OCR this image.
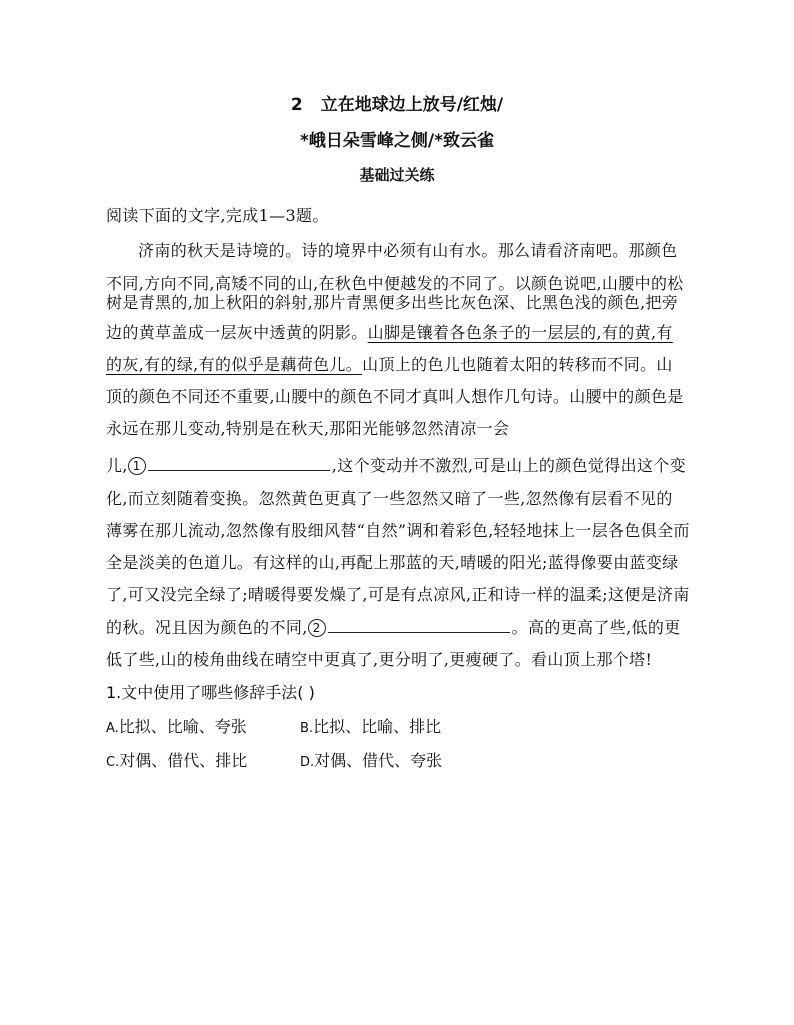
2 立在地球边上放号/红烛/
*峨日朵雪峰之侧/*致云雀
基础过关练
阅读下面的文字,完成1—3题。
济南的秋天是诗境的。诗的境界中必须有山有水。那么请看济南吧。那颜色
不同,方向不同,高矮不同的山,在秋色中便越发的不同了。以颜色说吧,山腰中的松
树是青黑的,加上秋阳的斜射,那片青黑便多出些比灰色深、比黑色浅的颜色,把旁
边的黄草盖成一层灰中透黄的阴影。山脚是镶着各色条子的一层层的,有的黄,有
的灰,有的绿,有的似乎是藕荷色儿。山顶上的色儿也随着太阳的转移而不同。山
顶的颜色不同还不重要,山腰中的颜色不同才真叫人想作几句诗。山腰中的颜色是
永远在那儿变动,特别是在秋天,那阳光能够忽然清凉一会
儿, 1	,这个变动并不激烈,可是山上的颜色觉得出这个变
化,而立刻随着变换。忽然黄色更真了一些忽然又暗了一些,忽然像有层看不见的
薄雾在那儿流动,忽然像有股细风替“自然”调和着彩色,轻轻地抹上一层各色俱全而
全是淡美的色道儿。有这样的山,再配上那蓝的天,晴暖的阳光;蓝得像要由蓝变绿
了,可又没完全绿了;晴暖得要发燥了,可是有点凉风,正和诗一样的温柔;这便是济南
的秋。况且因为颜色的不同, 2	。高的更高了些,低的更
低了些,山的棱角曲线在晴空中更真了,更分明了,更瘦硬了。看山顶上那个塔!
1.文中使用了哪些修辞手法( )
A.比拟、比喻、夸张	B.比拟、比喻、排比
C.对偶、借代、排比	D.对偶、借代、夸张
